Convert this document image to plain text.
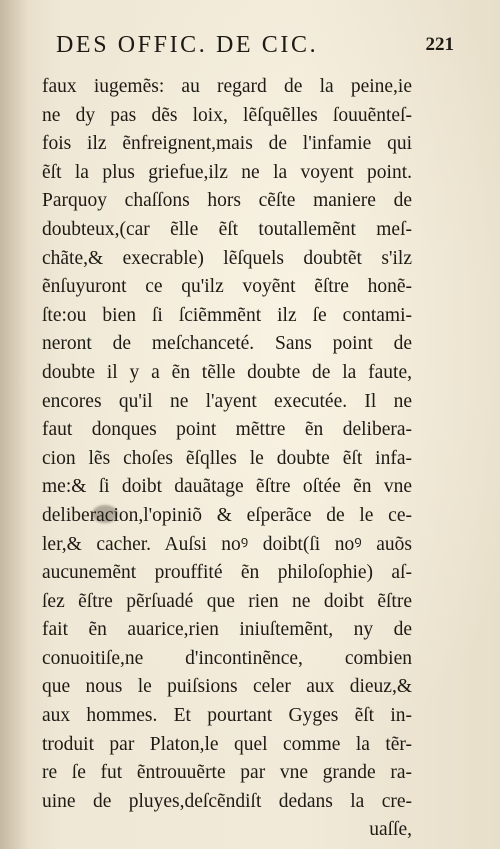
DES OFFIC. DE CIC.	221
faux iugemẽs: au regard de la peine,ie
ne dy pas dẽs loix, lẽſquẽlles ſouuẽnteſ-
fois ilz ẽnfreignent,mais de l'infamie qui
ẽſt la plus griefue,ilz ne la voyent point.
Parquoy chaſſons hors cẽſte maniere de
doubteux,(car ẽlle ẽſt toutallemẽnt meſ-
chãte,& execrable) lẽſquels doubtẽt s'ilz
ẽnſuyuront ce qu'ilz voyẽnt ẽſtre honẽ-
ſte:ou bien ſi ſciẽmmẽnt ilz ſe contami-
neront de meſchanceté. Sans point de
doubte il y a ẽn tẽlle doubte de la faute,
encores qu'il ne l'ayent executée. Il ne
faut donques point mẽttre ẽn delibera-
cion lẽs choſes ẽſqlles le doubte ẽſt infa-
me:& ſi doibt dauãtage ẽſtre oſtée ẽn vne
deliberacion,l'opiniõ & eſperãce de le ce-
ler,& cacher. Auſsi noꝰ doibt(ſi noꝰ auõs
aucunemẽnt prouffité ẽn philoſophie) aſ-
ſez ẽſtre pẽrſuadé que rien ne doibt ẽſtre
fait ẽn auarice,rien iniuſtemẽnt, ny de
conuoitiſe,ne d'incontinẽnce, combien
que nous le puiſsions celer aux dieuz,&
aux hommes. Et pourtant Gyges ẽſt in-
troduit par Platon,le quel comme la tẽr-
re ſe fut ẽntrouuẽrte par vne grande ra-
uine de pluyes,deſcẽndiſt dedans la cre-
uaſſe,
